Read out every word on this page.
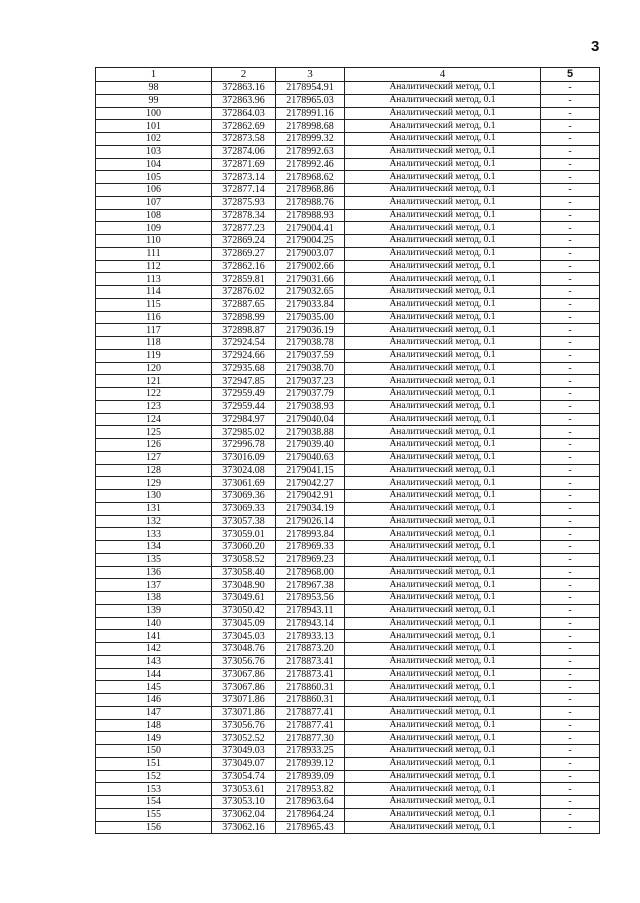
3
1	2	3	4	5
98	372863.16	2178954.91	Аналитический метод, 0.1	-
99	372863.96	2178965.03	Аналитический метод, 0.1	-
100	372864.03	2178991.16	Аналитический метод, 0.1	-
101	372862.69	2178998.68	Аналитический метод, 0.1	-
102	372873.58	2178999.32	Аналитический метод, 0.1	-
103	372874.06	2178992.63	Аналитический метод, 0.1	-
104	372871.69	2178992.46	Аналитический метод, 0.1	-
105	372873.14	2178968.62	Аналитический метод, 0.1	-
106	372877.14	2178968.86	Аналитический метод, 0.1	-
107	372875.93	2178988.76	Аналитический метод, 0.1	-
108	372878.34	2178988.93	Аналитический метод, 0.1	-
109	372877.23	2179004.41	Аналитический метод, 0.1	-
110	372869.24	2179004.25	Аналитический метод, 0.1	-
111	372869.27	2179003.07	Аналитический метод, 0.1	-
112	372862.16	2179002.66	Аналитический метод, 0.1	-
113	372859.81	2179031.66	Аналитический метод, 0.1	-
114	372876.02	2179032.65	Аналитический метод, 0.1	-
115	372887.65	2179033.84	Аналитический метод, 0.1	-
116	372898.99	2179035.00	Аналитический метод, 0.1	-
117	372898.87	2179036.19	Аналитический метод, 0.1	-
118	372924.54	2179038.78	Аналитический метод, 0.1	-
119	372924.66	2179037.59	Аналитический метод, 0.1	-
120	372935.68	2179038.70	Аналитический метод, 0.1	-
121	372947.85	2179037.23	Аналитический метод, 0.1	-
122	372959.49	2179037.79	Аналитический метод, 0.1	-
123	372959.44	2179038.93	Аналитический метод, 0.1	-
124	372984.97	2179040.04	Аналитический метод, 0.1	-
125	372985.02	2179038.88	Аналитический метод, 0.1	-
126	372996.78	2179039.40	Аналитический метод, 0.1	-
127	373016.09	2179040.63	Аналитический метод, 0.1	-
128	373024.08	2179041.15	Аналитический метод, 0.1	-
129	373061.69	2179042.27	Аналитический метод, 0.1	-
130	373069.36	2179042.91	Аналитический метод, 0.1	-
131	373069.33	2179034.19	Аналитический метод, 0.1	-
132	373057.38	2179026.14	Аналитический метод, 0.1	-
133	373059.01	2178993.84	Аналитический метод, 0.1	-
134	373060.20	2178969.33	Аналитический метод, 0.1	-
135	373058.52	2178969.23	Аналитический метод, 0.1	-
136	373058.40	2178968.00	Аналитический метод, 0.1	-
137	373048.90	2178967.38	Аналитический метод, 0.1	-
138	373049.61	2178953.56	Аналитический метод, 0.1	-
139	373050.42	2178943.11	Аналитический метод, 0.1	-
140	373045.09	2178943.14	Аналитический метод, 0.1	-
141	373045.03	2178933.13	Аналитический метод, 0.1	-
142	373048.76	2178873.20	Аналитический метод, 0.1	-
143	373056.76	2178873.41	Аналитический метод, 0.1	-
144	373067.86	2178873.41	Аналитический метод, 0.1	-
145	373067.86	2178860.31	Аналитический метод, 0.1	-
146	373071.86	2178860.31	Аналитический метод, 0.1	-
147	373071.86	2178877.41	Аналитический метод, 0.1	-
148	373056.76	2178877.41	Аналитический метод, 0.1	-
149	373052.52	2178877.30	Аналитический метод, 0.1	-
150	373049.03	2178933.25	Аналитический метод, 0.1	-
151	373049.07	2178939.12	Аналитический метод, 0.1	-
152	373054.74	2178939.09	Аналитический метод, 0.1	-
153	373053.61	2178953.82	Аналитический метод, 0.1	-
154	373053.10	2178963.64	Аналитический метод, 0.1	-
155	373062.04	2178964.24	Аналитический метод, 0.1	-
156	373062.16	2178965.43	Аналитический метод, 0.1	-
